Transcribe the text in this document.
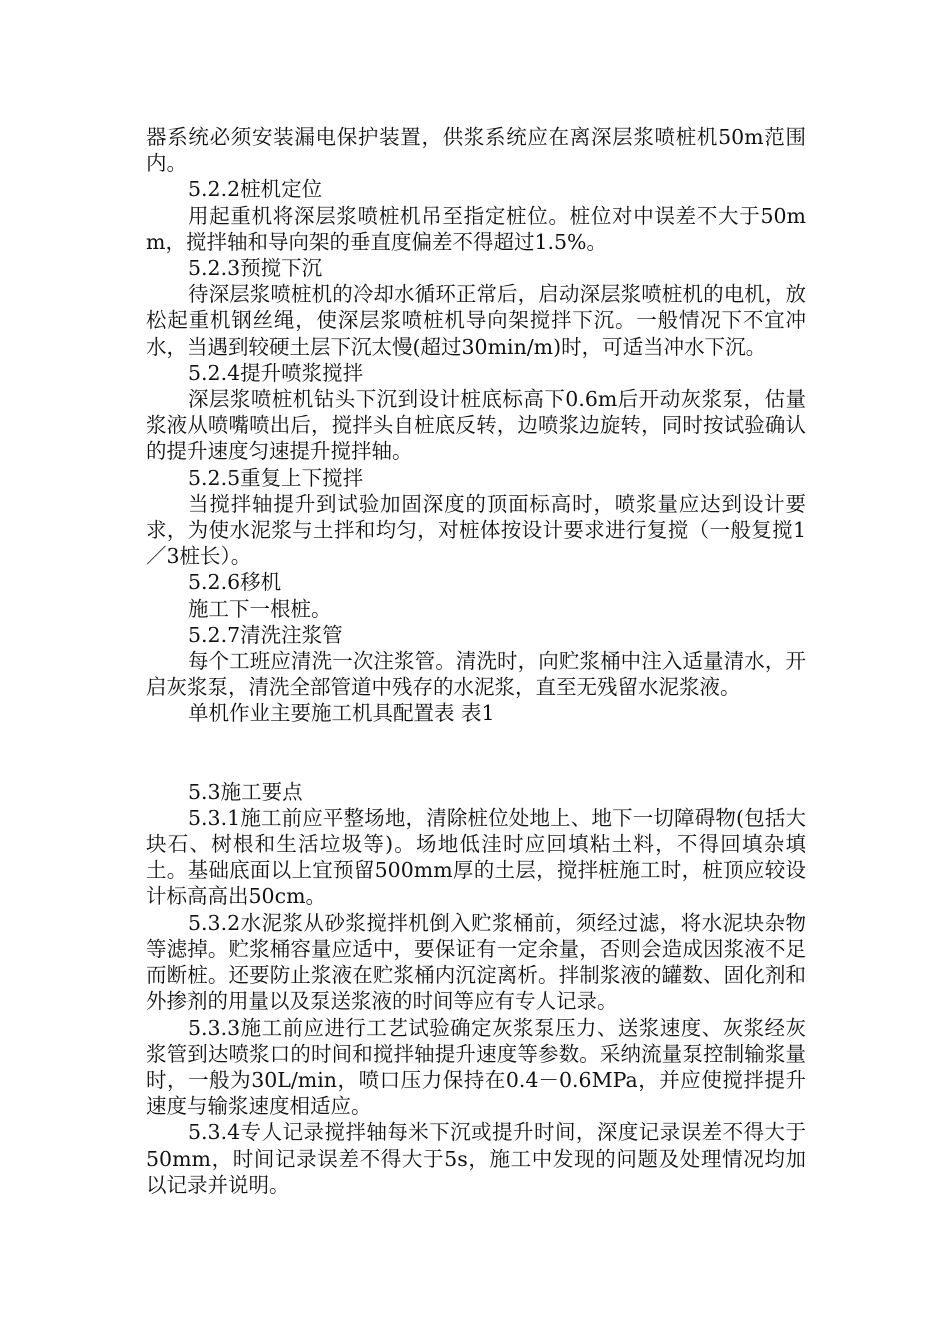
器系统必须安装漏电保护装置，供浆系统应在离深层浆喷桩机50m范围内。

5.2.2桩机定位

用起重机将深层浆喷桩机吊至指定桩位。桩位对中误差不大于50mm，搅拌轴和导向架的垂直度偏差不得超过1.5%。

5.2.3预搅下沉

待深层浆喷桩机的冷却水循环正常后，启动深层浆喷桩机的电机，放松起重机钢丝绳，使深层浆喷桩机导向架搅拌下沉。一般情况下不宜冲水，当遇到较硬土层下沉太慢(超过30min/m)时，可适当冲水下沉。

5.2.4提升喷浆搅拌

深层浆喷桩机钻头下沉到设计桩底标高下0.6m后开动灰浆泵，估量浆液从喷嘴喷出后，搅拌头自桩底反转，边喷浆边旋转，同时按试验确认的提升速度匀速提升搅拌轴。

5.2.5重复上下搅拌

当搅拌轴提升到试验加固深度的顶面标高时，喷浆量应达到设计要求，为使水泥浆与土拌和均匀，对桩体按设计要求进行复搅（一般复搅1／3桩长）。

5.2.6移机

施工下一根桩。

5.2.7清洗注浆管

每个工班应清洗一次注浆管。清洗时，向贮浆桶中注入适量清水，开启灰浆泵，清洗全部管道中残存的水泥浆，直至无残留水泥浆液。

单机作业主要施工机具配置表 表1

5.3施工要点

5.3.1施工前应平整场地，清除桩位处地上、地下一切障碍物(包括大块石、树根和生活垃圾等)。场地低洼时应回填粘土料，不得回填杂填土。基础底面以上宜预留500mm厚的土层，搅拌桩施工时，桩顶应较设计标高高出50cm。

5.3.2水泥浆从砂浆搅拌机倒入贮浆桶前，须经过滤，将水泥块杂物等滤掉。贮浆桶容量应适中，要保证有一定余量，否则会造成因浆液不足而断桩。还要防止浆液在贮浆桶内沉淀离析。拌制浆液的罐数、固化剂和外掺剂的用量以及泵送浆液的时间等应有专人记录。

5.3.3施工前应进行工艺试验确定灰浆泵压力、送浆速度、灰浆经灰浆管到达喷浆口的时间和搅拌轴提升速度等参数。采纳流量泵控制输浆量时，一般为30L/min，喷口压力保持在0.4－0.6MPa，并应使搅拌提升速度与输浆速度相适应。

5.3.4专人记录搅拌轴每米下沉或提升时间，深度记录误差不得大于50mm，时间记录误差不得大于5s，施工中发现的问题及处理情况均加以记录并说明。
